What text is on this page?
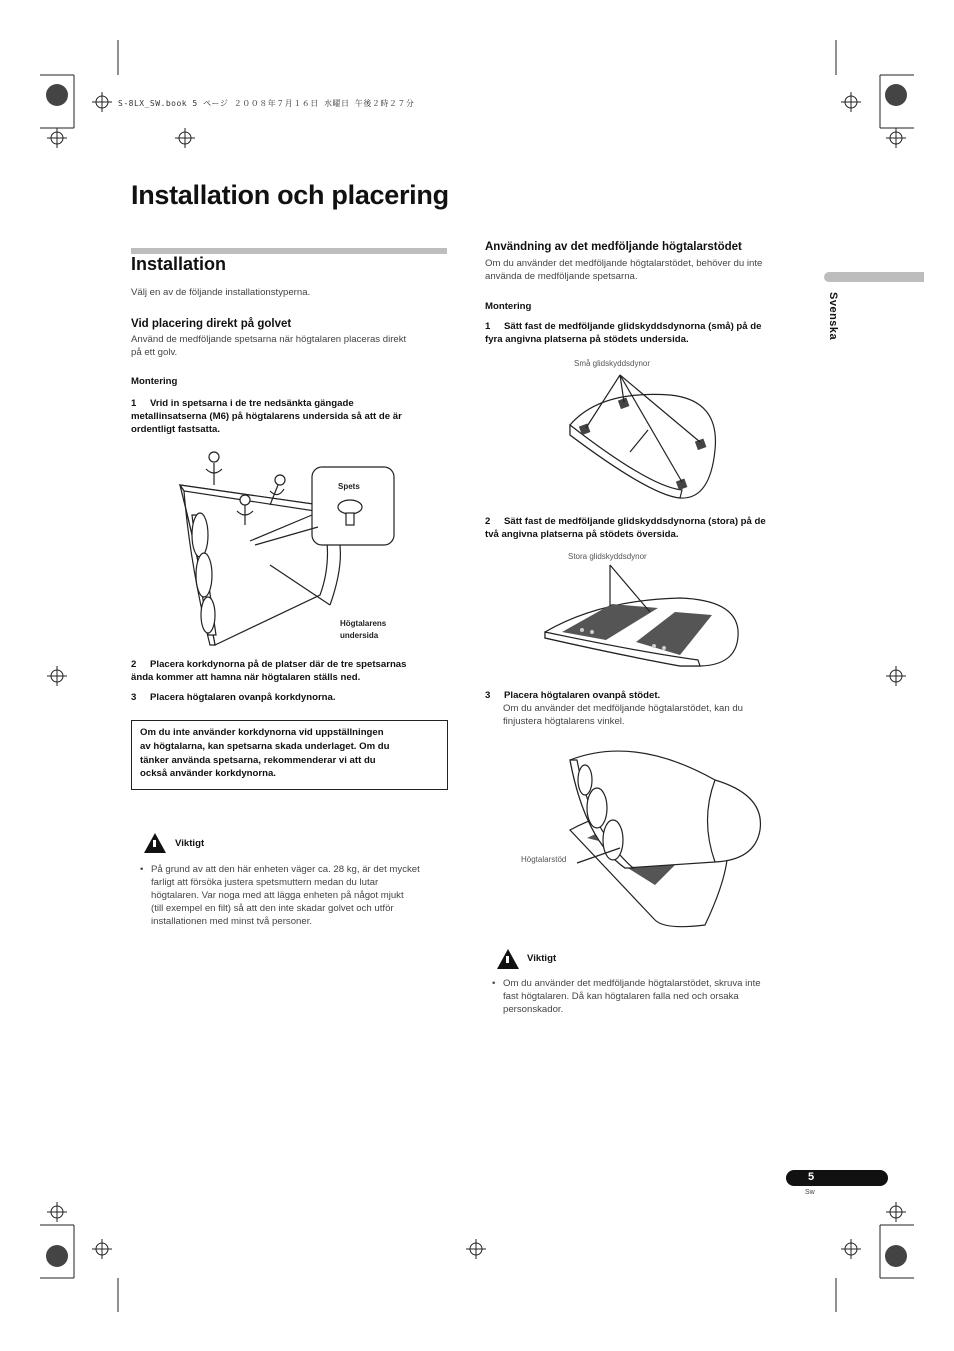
S-8LX_SW.book 5 ページ ２００８年７月１６日 水曜日 午後２時２７分
Installation och placering
Svenska
Installation
Välj en av de följande installationstyperna.
Vid placering direkt på golvet
Använd de medföljande spetsarna när högtalaren placeras direkt
på ett golv.
Montering
1 Vrid in spetsarna i de tre nedsänkta gängade
metallinsatserna (M6) på högtalarens undersida så att de är
ordentligt fastsatta.
Spets
Högtalarens
undersida
2 Placera korkdynorna på de platser där de tre spetsarnas
ända kommer att hamna när högtalaren ställs ned.
3 Placera högtalaren ovanpå korkdynorna.
Om du inte använder korkdynorna vid uppställningen
av högtalarna, kan spetsarna skada underlaget. Om du
tänker använda spetsarna, rekommenderar vi att du
också använder korkdynorna.
Viktigt
• På grund av att den här enheten väger ca. 28 kg, är det mycket
farligt att försöka justera spetsmuttern medan du lutar
högtalaren. Var noga med att lägga enheten på något mjukt
(till exempel en filt) så att den inte skadar golvet och utför
installationen med minst två personer.
Användning av det medföljande högtalarstödet
Om du använder det medföljande högtalarstödet, behöver du inte
använda de medföljande spetsarna.
Montering
1 Sätt fast de medföljande glidskyddsdynorna (små) på de
fyra angivna platserna på stödets undersida.
Små glidskyddsdynor
2 Sätt fast de medföljande glidskyddsdynorna (stora) på de
två angivna platserna på stödets översida.
Stora glidskyddsdynor
3 Placera högtalaren ovanpå stödet.
Om du använder det medföljande högtalarstödet, kan du
finjustera högtalarens vinkel.
Högtalarstöd
Viktigt
• Om du använder det medföljande högtalarstödet, skruva inte
fast högtalaren. Då kan högtalaren falla ned och orsaka
personskador.
5
Sw
